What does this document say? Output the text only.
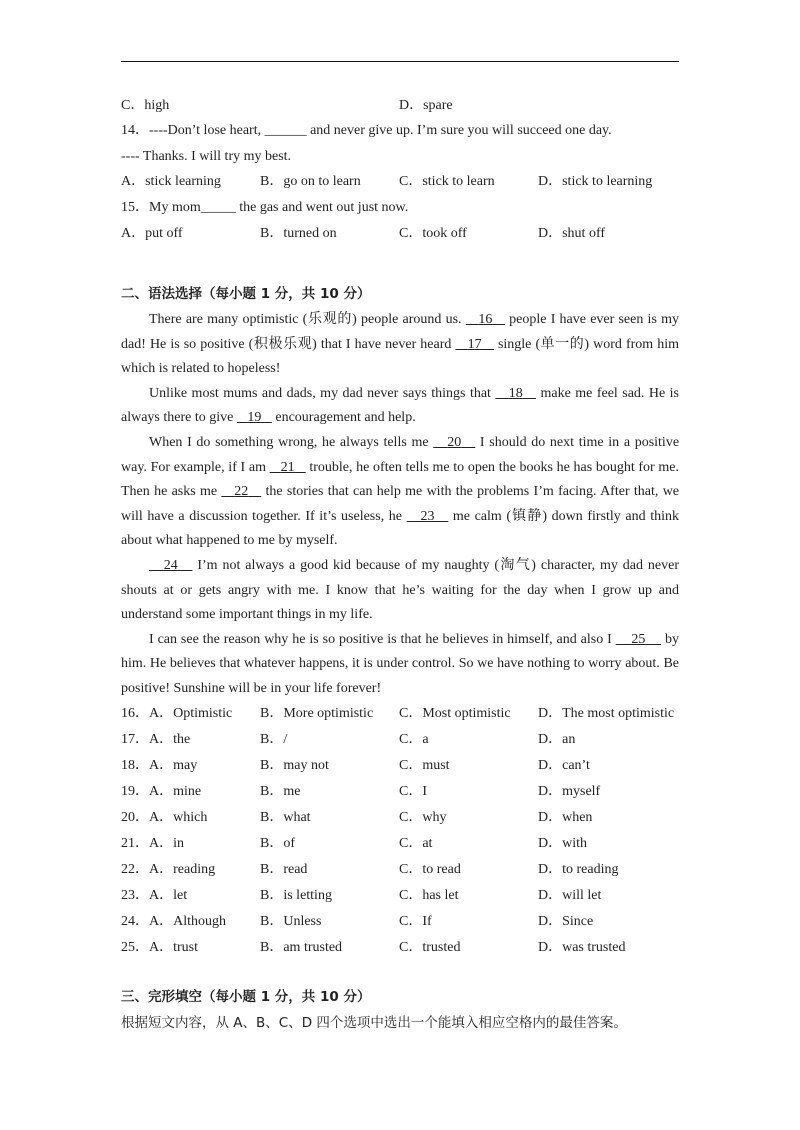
C．high	D．spare
14．----Don’t lose heart, ______ and never give up. I’m sure you will succeed one day.
---- Thanks. I will try my best.
A．stick learning	B．go on to learn	C．stick to learn	D．stick to learning
15．My mom_____ the gas and went out just now.
A．put off	B．turned on	C．took off	D．shut off
二、语法选择（每小题 1 分，共 10 分）

There are many optimistic (乐观的) people around us.    16    people I have ever seen is my dad! He is so positive (积极乐观) that I have never heard    17    single (单一的) word from him which is related to hopeless!

Unlike most mums and dads, my dad never says things that    18    make me feel sad. He is always there to give    19    encouragement and help.

When I do something wrong, he always tells me    20    I should do next time in a positive way. For example, if I am    21    trouble, he often tells me to open the books he has bought for me. Then he asks me    22    the stories that can help me with the problems I’m facing. After that, we will have a discussion together. If it’s useless, he    23    me calm (镇静) down firstly and think about what happened to me by myself.

24    I’m not always a good kid because of my naughty (淘气) character, my dad never shouts at or gets angry with me. I know that he’s waiting for the day when I grow up and understand some important things in my life.

I can see the reason why he is so positive is that he believes in himself, and also I     25     by him. He believes that whatever happens, it is under control. So we have nothing to worry about. Be positive! Sunshine will be in your life forever!

16．A．Optimistic B．More optimistic C．Most optimistic D．The most optimistic
17．A．the	B．/	C．a	D．an
18．A．may	B．may not	C．must	D．can’t
19．A．mine	B．me	C．I	D．myself
20．A．which	B．what	C．why	D．when
21．A．in	B．of	C．at	D．with
22．A．reading	B．read	C．to read	D．to reading
23．A．let	B．is letting	C．has let	D．will let
24．A．Although B．Unless	C．If	D．Since
25．A．trust	B．am trusted	C．trusted	D．was trusted
三、完形填空（每小题 1 分，共 10 分）
根据短文内容，从 A、B、C、D 四个选项中选出一个能填入相应空格内的最佳答案。
